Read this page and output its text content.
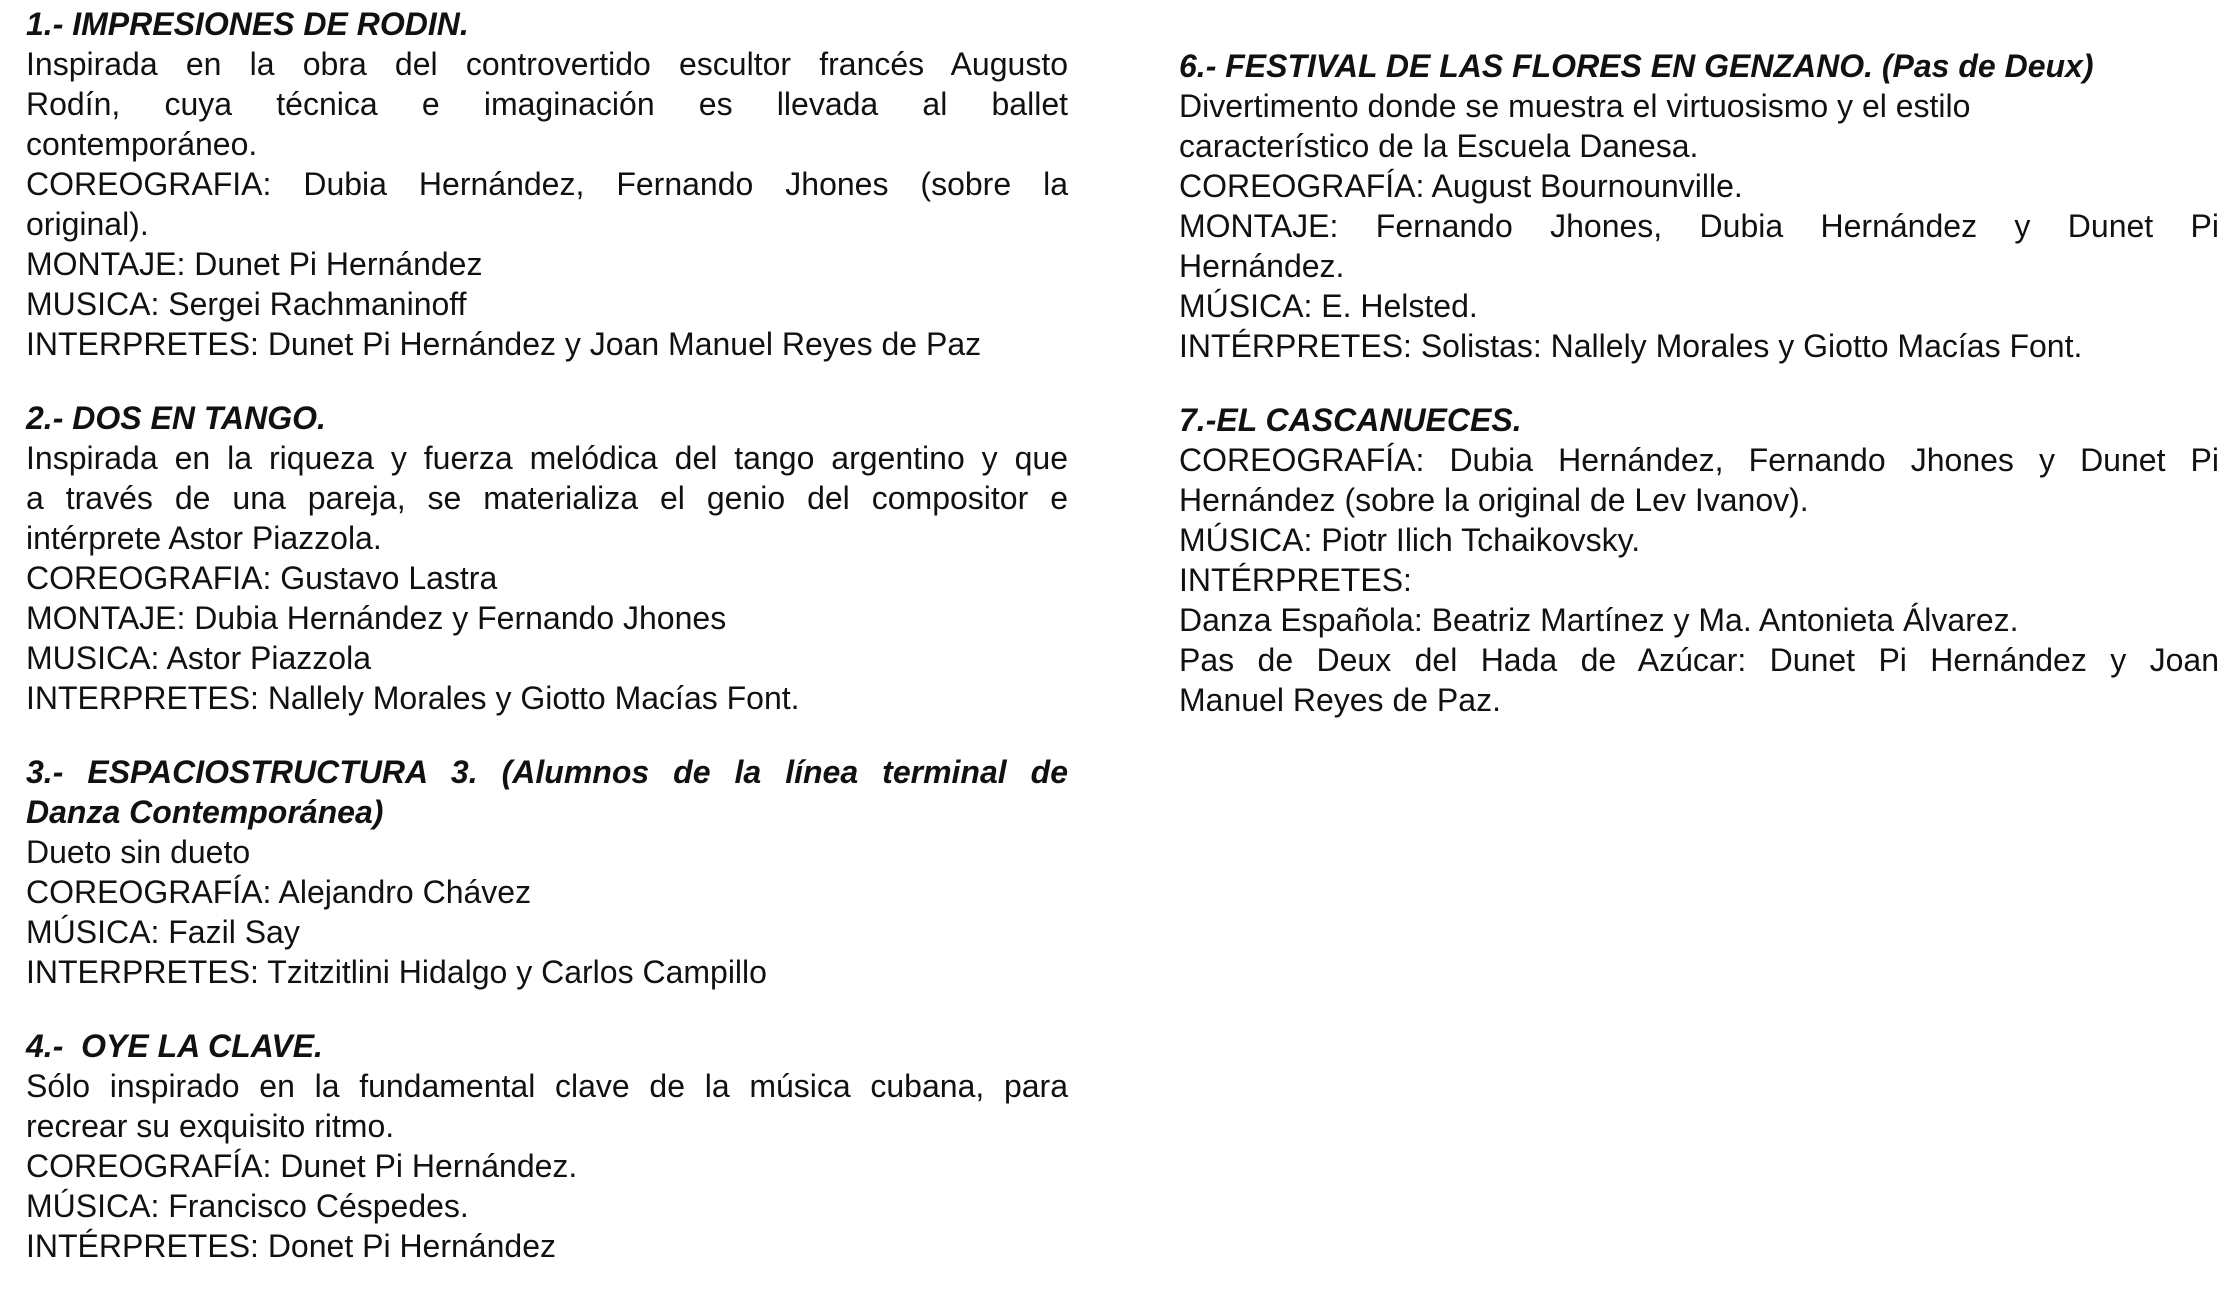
1.- IMPRESIONES DE RODIN.

Inspirada en la obra del controvertido escultor francés Augusto

Rodín, cuya técnica e imaginación es llevada al ballet

contemporáneo.

COREOGRAFIA: Dubia Hernández, Fernando Jhones (sobre la

original).

MONTAJE: Dunet Pi Hernández

MUSICA: Sergei Rachmaninoff

INTERPRETES: Dunet Pi Hernández y Joan Manuel Reyes de Paz

2.- DOS EN TANGO.

Inspirada en la riqueza y fuerza melódica del tango argentino y que

a través de una pareja, se materializa el genio del compositor e

intérprete Astor Piazzola.

COREOGRAFIA: Gustavo Lastra

MONTAJE: Dubia Hernández y Fernando Jhones

MUSICA: Astor Piazzola

INTERPRETES: Nallely Morales y Giotto Macías Font.

3.- ESPACIOSTRUCTURA 3. (Alumnos de la línea terminal de

Danza Contemporánea)

Dueto sin dueto

COREOGRAFÍA: Alejandro Chávez

MÚSICA: Fazil Say

INTERPRETES: Tzitzitlini Hidalgo y Carlos Campillo

4.-  OYE LA CLAVE.

Sólo inspirado en la fundamental clave de la música cubana, para

recrear su exquisito ritmo.

COREOGRAFÍA: Dunet Pi Hernández.

MÚSICA: Francisco Céspedes.

INTÉRPRETES: Donet Pi Hernández

6.- FESTIVAL DE LAS FLORES EN GENZANO. (Pas de Deux)

Divertimento donde se muestra el virtuosismo y el estilo

característico de la Escuela Danesa.

COREOGRAFÍA: August Bournounville.

MONTAJE: Fernando Jhones, Dubia Hernández y Dunet Pi

Hernández.

MÚSICA: E. Helsted.

INTÉRPRETES: Solistas: Nallely Morales y Giotto Macías Font.

7.-EL CASCANUECES.

COREOGRAFÍA: Dubia Hernández, Fernando Jhones y Dunet Pi

Hernández (sobre la original de Lev Ivanov).

MÚSICA: Piotr Ilich Tchaikovsky.

INTÉRPRETES:

Danza Española: Beatriz Martínez y Ma. Antonieta Álvarez.

Pas de Deux del Hada de Azúcar: Dunet Pi Hernández y Joan

Manuel Reyes de Paz.
